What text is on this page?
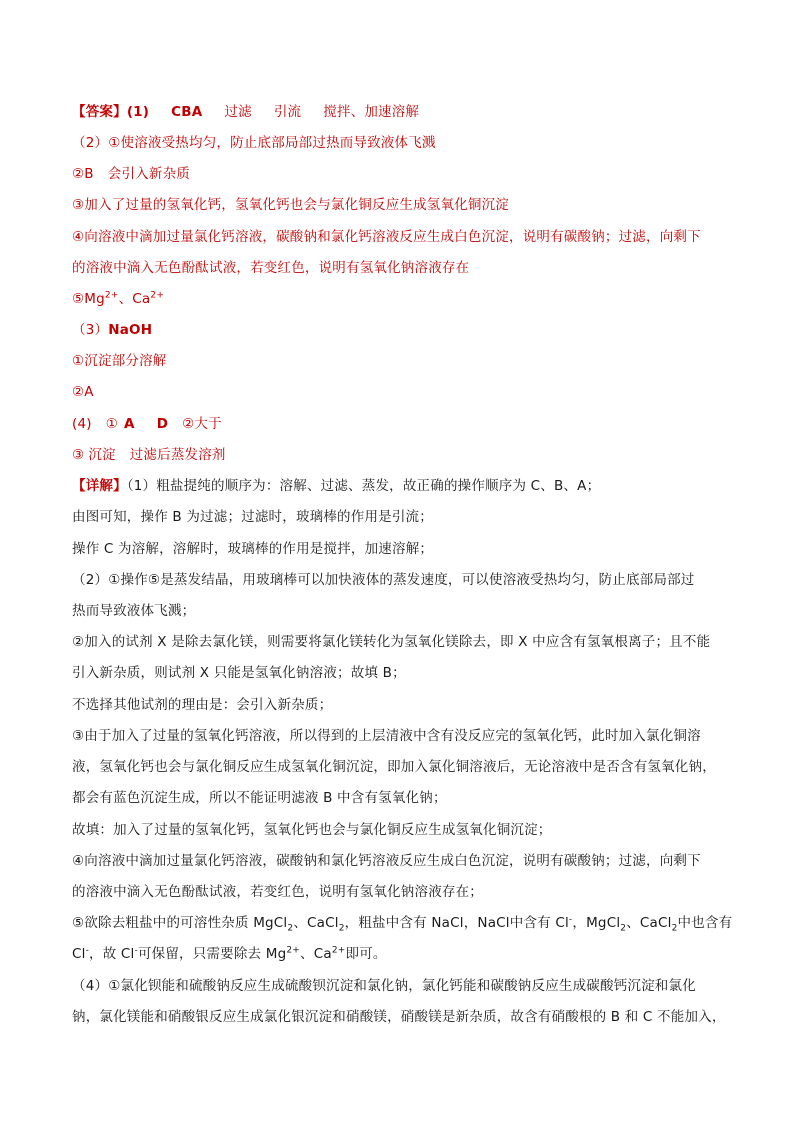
【答案】(1) CBA 过滤 引流 搅拌、加速溶解
（2）①使溶液受热均匀，防止底部局部过热而导致液体飞溅
②B 会引入新杂质
③加入了过量的氢氧化钙，氢氧化钙也会与氯化铜反应生成氢氧化铜沉淀
④向溶液中滴加过量氯化钙溶液，碳酸钠和氯化钙溶液反应生成白色沉淀，说明有碳酸钠；过滤，向剩下
的溶液中滴入无色酚酞试液，若变红色，说明有氢氧化钠溶液存在
$⑤Mg^{2+}$、$Ca^{2+}$
（3）NaOH
①沉淀部分溶解
②A
(4) ① A D ②大于
③ 沉淀 过滤后蒸发溶剂
【详解】（1）粗盐提纯的顺序为：溶解、过滤、蒸发，故正确的操作顺序为 C、B、A；
由图可知，操作 B 为过滤；过滤时，玻璃棒的作用是引流；
操作 C 为溶解，溶解时，玻璃棒的作用是搅拌，加速溶解；
（2）①操作⑤是蒸发结晶，用玻璃棒可以加快液体的蒸发速度，可以使溶液受热均匀，防止底部局部过
热而导致液体飞溅；
②加入的试剂 X 是除去氯化镁，则需要将氯化镁转化为氢氧化镁除去，即 X 中应含有氢氧根离子；且不能
引入新杂质，则试剂 X 只能是氢氧化钠溶液；故填 B；
不选择其他试剂的理由是：会引入新杂质；
③由于加入了过量的氢氧化钙溶液，所以得到的上层清液中含有没反应完的氢氧化钙，此时加入氯化铜溶
液，氢氧化钙也会与氯化铜反应生成氢氧化铜沉淀，即加入氯化铜溶液后，无论溶液中是否含有氢氧化钠，
都会有蓝色沉淀生成，所以不能证明滤液 B 中含有氢氧化钠；
故填：加入了过量的氢氧化钙，氢氧化钙也会与氯化铜反应生成氢氧化铜沉淀；
④向溶液中滴加过量氯化钙溶液，碳酸钠和氯化钙溶液反应生成白色沉淀，说明有碳酸钠；过滤，向剩下
的溶液中滴入无色酚酞试液，若变红色，说明有氢氧化钠溶液存在；
⑤欲除去粗盐中的可溶性杂质 MgCl$_2$、CaCl$_2$，粗盐中含有 NaCl，NaCl中含有 Cl-，MgCl$_2$、CaCl$_2$中也含有
Cl-，故 Cl-可保留，只需要除去 $Mg^{2+}$、$Ca^{2+}$即可。
（4）①氯化钡能和硫酸钠反应生成硫酸钡沉淀和氯化钠，氯化钙能和碳酸钠反应生成碳酸钙沉淀和氯化
钠，氯化镁能和硝酸银反应生成氯化银沉淀和硝酸镁，硝酸镁是新杂质，故含有硝酸根的 B 和 C 不能加入，
